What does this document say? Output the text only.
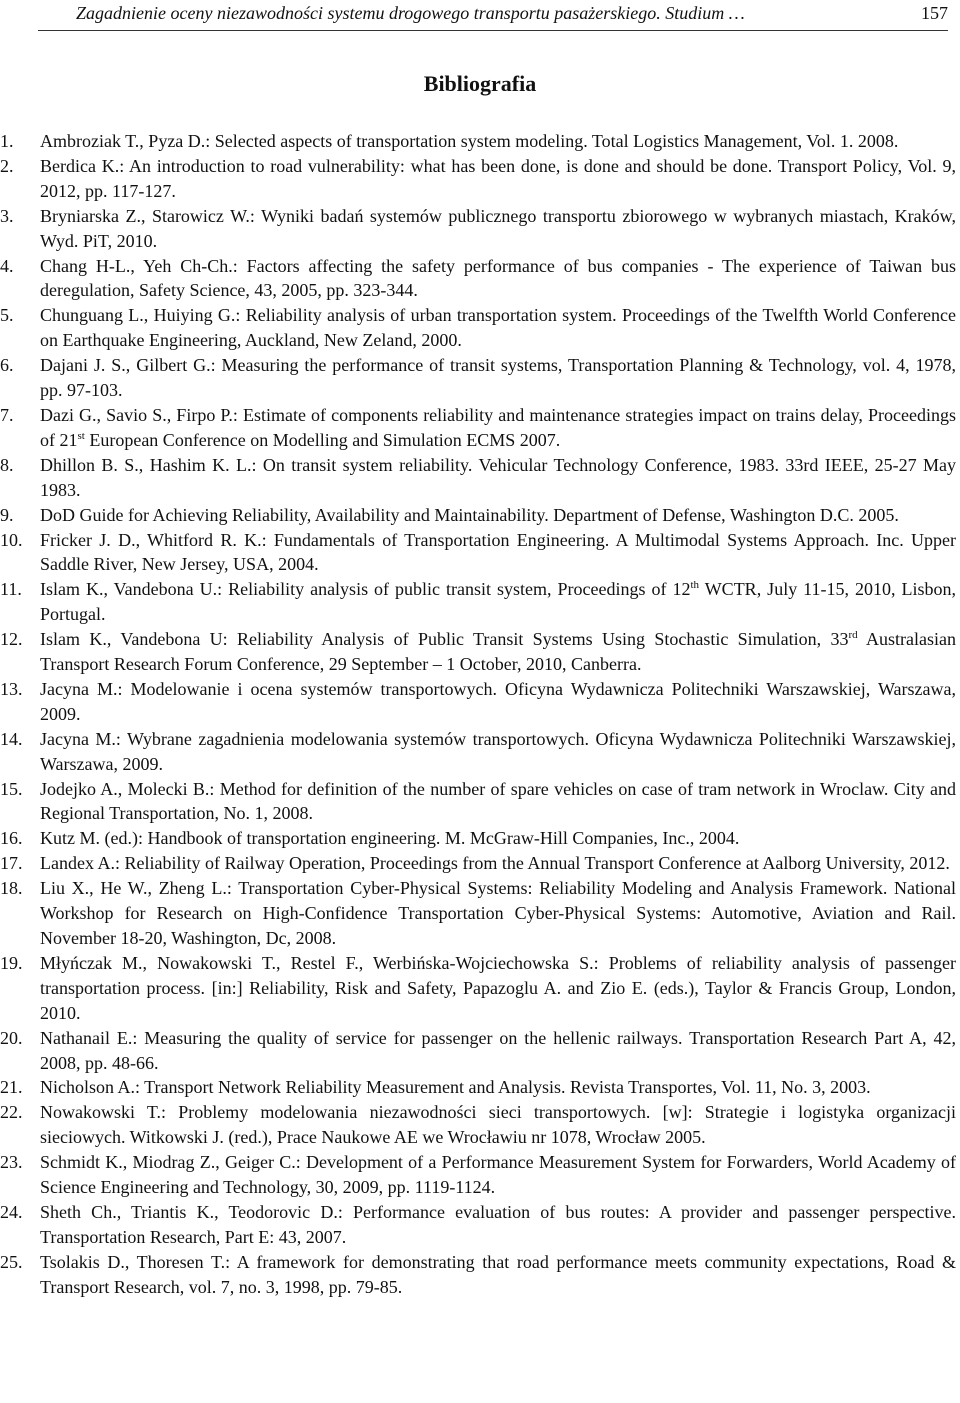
Zagadnienie oceny niezawodności systemu drogowego transportu pasażerskiego. Studium …	157
Bibliografia
1.	Ambroziak T., Pyza D.: Selected aspects of transportation system modeling. Total Logistics Management, Vol. 1. 2008.
2.	Berdica K.: An introduction to road vulnerability: what has been done, is done and should be done. Transport Policy, Vol. 9, 2012, pp. 117-127.
3.	Bryniarska Z., Starowicz W.: Wyniki badań systemów publicznego transportu zbiorowego w wybranych miastach, Kraków, Wyd. PiT, 2010.
4.	Chang H-L., Yeh Ch-Ch.: Factors affecting the safety performance of bus companies - The experience of Taiwan bus deregulation, Safety Science, 43, 2005, pp. 323-344.
5.	Chunguang L., Huiying G.: Reliability analysis of urban transportation system. Proceedings of the Twelfth World Conference on Earthquake Engineering, Auckland, New Zeland, 2000.
6.	Dajani J. S., Gilbert G.: Measuring the performance of transit systems, Transportation Planning & Technology, vol. 4, 1978, pp. 97-103.
7.	Dazi G., Savio S., Firpo P.: Estimate of components reliability and maintenance strategies impact on trains delay, Proceedings of 21st European Conference on Modelling and Simulation ECMS 2007.
8.	Dhillon B. S., Hashim K. L.: On transit system reliability. Vehicular Technology Conference, 1983. 33rd IEEE, 25-27 May 1983.
9.	DoD Guide for Achieving Reliability, Availability and Maintainability. Department of Defense, Washington D.C. 2005.
10. Fricker J. D., Whitford R. K.: Fundamentals of Transportation Engineering. A Multimodal Systems Approach. Inc. Upper Saddle River, New Jersey, USA, 2004.
11. Islam K., Vandebona U.: Reliability analysis of public transit system, Proceedings of 12th WCTR, July 11-15, 2010, Lisbon, Portugal.
12. Islam K., Vandebona U: Reliability Analysis of Public Transit Systems Using Stochastic Simulation, 33rd Australasian Transport Research Forum Conference, 29 September – 1 October, 2010, Canberra.
13. Jacyna M.: Modelowanie i ocena systemów transportowych. Oficyna Wydawnicza Politechniki Warszawskiej, Warszawa, 2009.
14. Jacyna M.: Wybrane zagadnienia modelowania systemów transportowych. Oficyna Wydawnicza Politechniki Warszawskiej, Warszawa, 2009.
15. Jodejko A., Molecki B.: Method for definition of the number of spare vehicles on case of tram network in Wroclaw. City and Regional Transportation, No. 1, 2008.
16. Kutz M. (ed.): Handbook of transportation engineering. M. McGraw-Hill Companies, Inc., 2004.
17. Landex A.: Reliability of Railway Operation, Proceedings from the Annual Transport Conference at Aalborg University, 2012.
18. Liu X., He W., Zheng L.: Transportation Cyber-Physical Systems: Reliability Modeling and Analysis Framework. National Workshop for Research on High-Confidence Transportation Cyber-Physical Systems: Automotive, Aviation and Rail. November 18-20, Washington, Dc, 2008.
19. Młyńczak M., Nowakowski T., Restel F., Werbińska-Wojciechowska S.: Problems of reliability analysis of passenger transportation process. [in:] Reliability, Risk and Safety, Papazoglu A. and Zio E. (eds.), Taylor & Francis Group, London, 2010.
20. Nathanail E.: Measuring the quality of service for passenger on the hellenic railways. Transportation Research Part A, 42, 2008, pp. 48-66.
21. Nicholson A.: Transport Network Reliability Measurement and Analysis. Revista Transportes, Vol. 11, No. 3, 2003.
22. Nowakowski T.: Problemy modelowania niezawodności sieci transportowych. [w]: Strategie i logistyka organizacji sieciowych. Witkowski J. (red.), Prace Naukowe AE we Wrocławiu nr 1078, Wrocław 2005.
23. Schmidt K., Miodrag Z., Geiger C.: Development of a Performance Measurement System for Forwarders, World Academy of Science Engineering and Technology, 30, 2009, pp. 1119-1124.
24. Sheth Ch., Triantis K., Teodorovic D.: Performance evaluation of bus routes: A provider and passenger perspective. Transportation Research, Part E: 43, 2007.
25. Tsolakis D., Thoresen T.: A framework for demonstrating that road performance meets community expectations, Road & Transport Research, vol. 7, no. 3, 1998, pp. 79-85.
